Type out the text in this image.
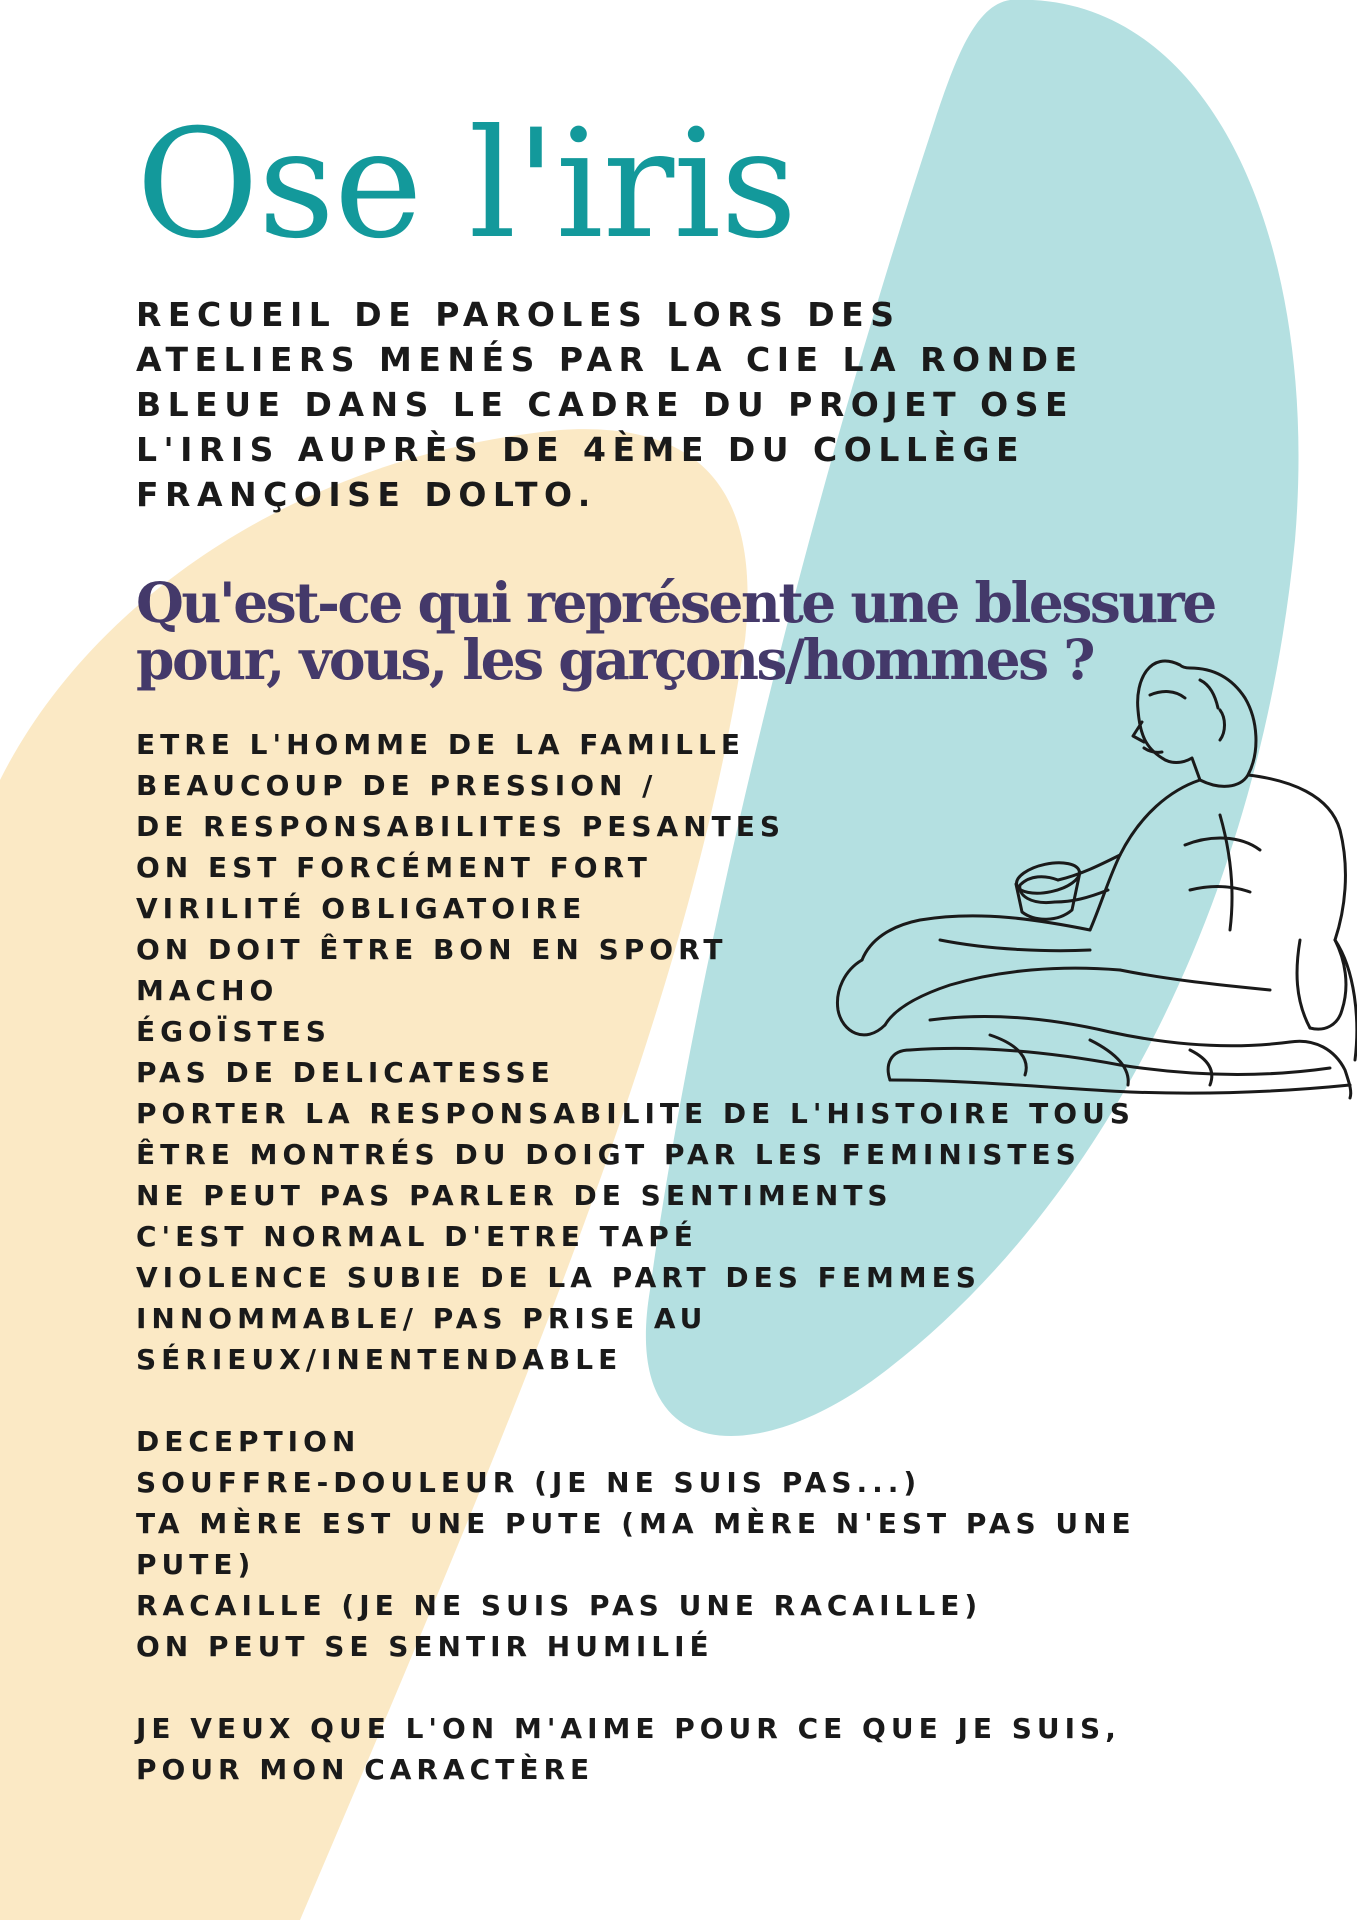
Ose l'iris
RECUEIL DE PAROLES LORS DES
ATELIERS MENÉS PAR LA CIE LA RONDE
BLEUE DANS LE CADRE DU PROJET OSE
L'IRIS AUPRÈS DE 4ÈME DU COLLÈGE
FRANÇOISE DOLTO.
Qu'est-ce qui représente une blessure
pour, vous, les garçons/hommes ?
ETRE L'HOMME DE LA FAMILLE
BEAUCOUP DE PRESSION /
DE RESPONSABILITES PESANTES
ON EST FORCÉMENT FORT
VIRILITÉ OBLIGATOIRE
ON DOIT ÊTRE BON EN SPORT
MACHO
ÉGOÏSTES
PAS DE DELICATESSE
PORTER LA RESPONSABILITE DE L'HISTOIRE TOUS
ÊTRE MONTRÉS DU DOIGT PAR LES FEMINISTES
NE PEUT PAS PARLER DE SENTIMENTS
C'EST NORMAL D'ETRE TAPÉ
VIOLENCE SUBIE DE LA PART DES FEMMES
INNOMMABLE/ PAS PRISE AU
SÉRIEUX/INENTENDABLE
DECEPTION
SOUFFRE-DOULEUR (JE NE SUIS PAS...)
TA MÈRE EST UNE PUTE (MA MÈRE N'EST PAS UNE
PUTE)
RACAILLE (JE NE SUIS PAS UNE RACAILLE)
ON PEUT SE SENTIR HUMILIÉ
JE VEUX QUE L'ON M'AIME POUR CE QUE JE SUIS,
POUR MON CARACTÈRE
